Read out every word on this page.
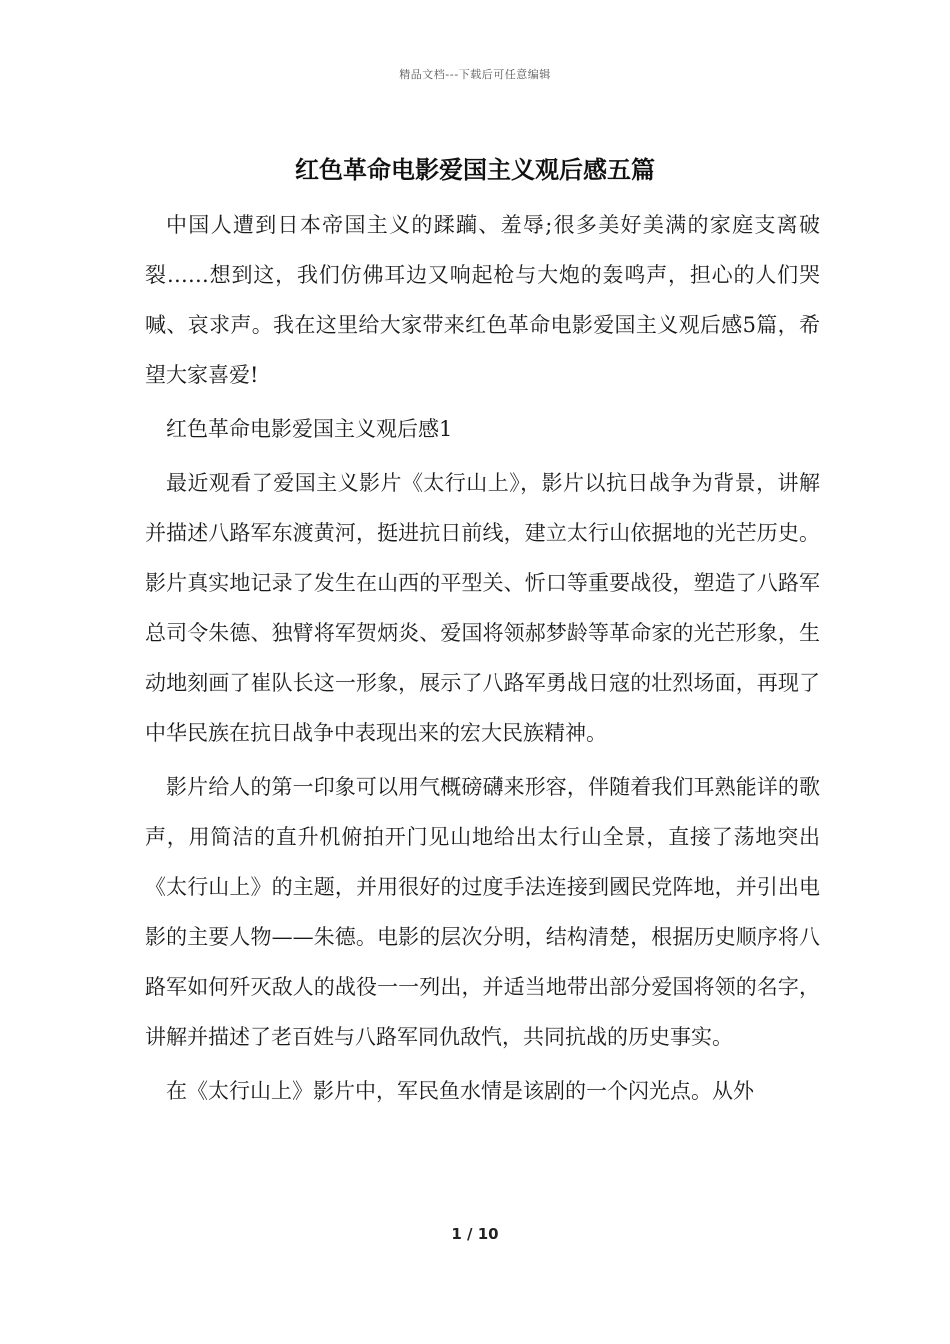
精品文档---下载后可任意编辑
红色革命电影爱国主义观后感五篇

中国人遭到日本帝国主义的蹂躏、羞辱;很多美好美满的家庭支离破裂……想到这，我们仿佛耳边又响起枪与大炮的轰鸣声，担心的人们哭喊、哀求声。我在这里给大家带来红色革命电影爱国主义观后感5篇，希望大家喜爱!

红色革命电影爱国主义观后感1

最近观看了爱国主义影片《太行山上》，影片以抗日战争为背景，讲解并描述八路军东渡黄河，挺进抗日前线，建立太行山依据地的光芒历史。影片真实地记录了发生在山西的平型关、忻口等重要战役，塑造了八路军总司令朱德、独臂将军贺炳炎、爱国将领郝梦龄等革命家的光芒形象，生动地刻画了崔队长这一形象，展示了八路军勇战日寇的壮烈场面，再现了中华民族在抗日战争中表现出来的宏大民族精神。

影片给人的第一印象可以用气概磅礴来形容，伴随着我们耳熟能详的歌声，用简洁的直升机俯拍开门见山地给出太行山全景，直接了荡地突出《太行山上》的主题，并用很好的过度手法连接到國民党阵地，并引出电影的主要人物——朱德。电影的层次分明，结构清楚，根据历史顺序将八路军如何歼灭敌人的战役一一列出，并适当地带出部分爱国将领的名字，讲解并描述了老百姓与八路军同仇敌忾，共同抗战的历史事实。

在《太行山上》影片中，军民鱼水情是该剧的一个闪光点。从外

1 / 10
